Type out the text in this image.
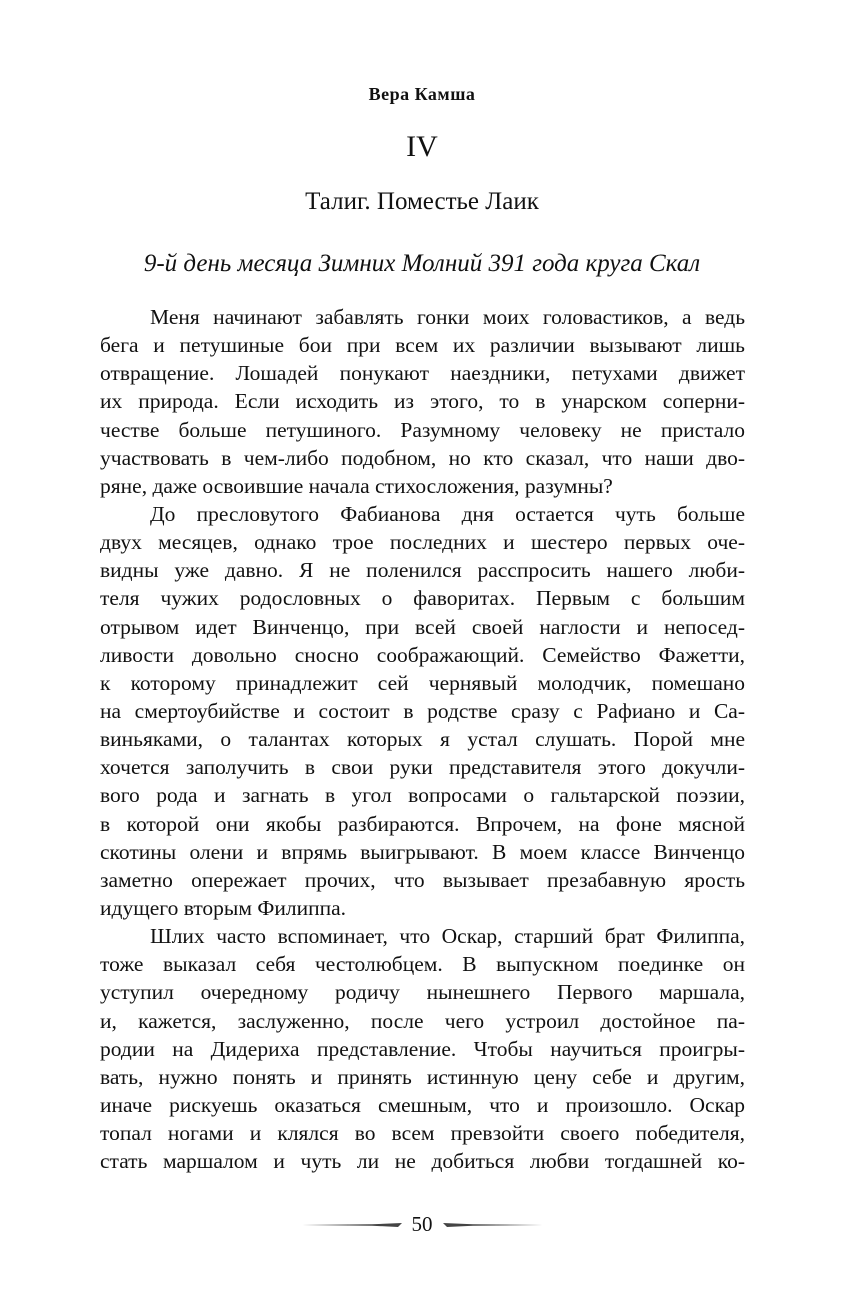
Вера Камша
IV
Талиг. Поместье Лаик
9-й день месяца Зимних Молний 391 года круга Скал
Меня начинают забавлять гонки моих головастиков, а ведь
бега и петушиные бои при всем их различии вызывают лишь
отвращение. Лошадей понукают наездники, петухами движет
их природа. Если исходить из этого, то в унарском соперни-
честве больше петушиного. Разумному человеку не пристало
участвовать в чем-либо подобном, но кто сказал, что наши дво-
ряне, даже освоившие начала стихосложения, разумны?
До пресловутого Фабианова дня остается чуть больше
двух месяцев, однако трое последних и шестеро первых оче-
видны уже давно. Я не поленился расспросить нашего люби-
теля чужих родословных о фаворитах. Первым с большим
отрывом идет Винченцо, при всей своей наглости и непосед-
ливости довольно сносно соображающий. Семейство Фажетти,
к которому принадлежит сей чернявый молодчик, помешано
на смертоубийстве и состоит в родстве сразу с Рафиано и Са-
виньяками, о талантах которых я устал слушать. Порой мне
хочется заполучить в свои руки представителя этого докучли-
вого рода и загнать в угол вопросами о гальтарской поэзии,
в которой они якобы разбираются. Впрочем, на фоне мясной
скотины олени и впрямь выигрывают. В моем классе Винченцо
заметно опережает прочих, что вызывает презабавную ярость
идущего вторым Филиппа.
Шлих часто вспоминает, что Оскар, старший брат Филиппа,
тоже выказал себя честолюбцем. В выпускном поединке он
уступил очередному родичу нынешнего Первого маршала,
и, кажется, заслуженно, после чего устроил достойное па-
родии на Дидериха представление. Чтобы научиться проигры-
вать, нужно понять и принять истинную цену себе и другим,
иначе рискуешь оказаться смешным, что и произошло. Оскар
топал ногами и клялся во всем превзойти своего победителя,
стать маршалом и чуть ли не добиться любви тогдашней ко-
50
